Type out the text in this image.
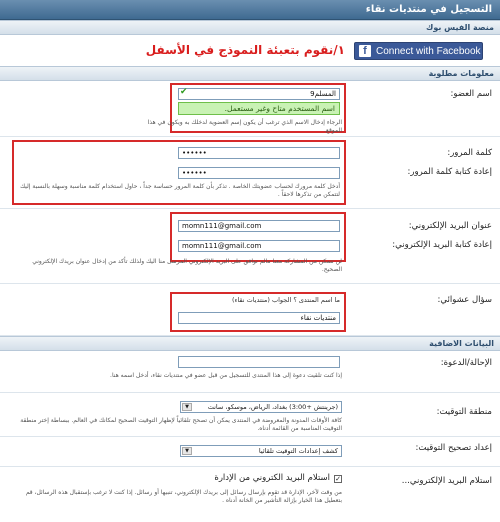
التسجيل في منتديات نقاء
منصة الفيس بوك
f Connect with Facebook
١/نقوم بتعبئة النموذج في الأسفل
معلومات مطلوبة
اسم العضو:
المسلم9
✔
اسم المستخدم متاح وغير مستعمل.
الرجاء إدخال الاسم الذي ترغب أن يكون إسم العضوية لدخلك به ويكون في هذا الموقع.
كلمة المرور:
إعادة كتابة كلمة المرور:
••••••
••••••
أدخل كلمة مرورك لحساب عضويتك الخاصة . تذكر بأن كلمة المرور حساسة جداً ، حاول استخدام كلمة مناسبة وسهلة بالنسبة إليك لتتمكن من تذكرها لاحقاً .
عنوان البريد الإلكتروني:
إعادة كتابة البريد الإلكتروني:
momn111@gmail.com
momn111@gmail.com
لن تتمكن من المشاركة معنا مالم توافق على البريد الإلكتروني المرسل منا اليك ولذلك تأكد من إدخال عنوان بريدك الإلكتروني الصحيح.
سؤال عشوائي:
ما اسم المنتدى ؟ الجواب (منتديات نقاء)
منتديات نقاء
البيانات الاضافية
الإحالة/الدعوة:
إذا كنت تلقيت دعوة إلى هذا المنتدى للتسجيل من قبل عضو في منتديات نقاء، أدخل اسمه هنا.
منطقة التوقيت:
▼	(جرينتش +3:00) بغداد، الرياض، موسكو، سانت
كافة الأوقات المدونة والمعروضة في المنتدى يمكن أن تصحح تلقائياً لإظهار التوقيت الصحيح لمكانك في العالم. ببساطة إختر منطقة التوقيت المناسبة من القائمة أدناه.
إعداد تصحيح التوقيت:
▼	كشف إعدادات التوقيت تلقائيا
استلام البريد الإلكتروني...
✓
استلام البريد الكتروني من الإدارة
من وقت لآخر، الإدارة قد تقوم بإرسال رسائل إلى بريدك الإلكتروني، تنبيها أو رسائل. إذا كنت لا ترغب بإستقبال هذه الرسائل، قم بتعطيل هذا الخيار بإزالة التأشير من الخانة أدناه .
